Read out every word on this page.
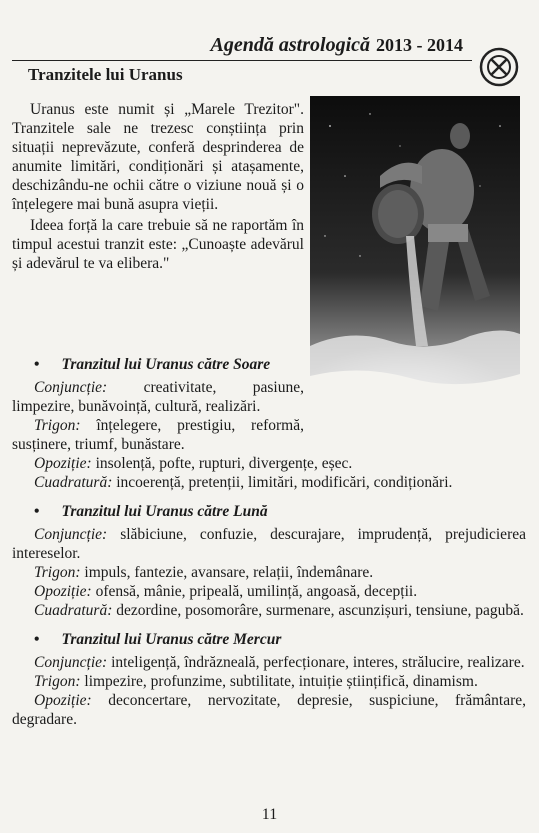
Agendă astrologică 2013 - 2014
Tranzitele lui Uranus

Uranus este numit și „Marele Trezitor". Tranzitele sale ne trezesc conștiința prin situații neprevăzute, conferă desprinderea de anumite limitări, condiționări și atașamente, deschizându-ne ochii către o viziune nouă și o înțelegere mai bună asupra vieții.

Ideea forță la care trebuie să ne raportăm în timpul acestui tranzit este: „Cunoaște adevărul și adevărul te va elibera."

• Tranzitul lui Uranus către Soare

Conjuncție: creativitate, pasiune, limpezire, bunăvoință, cultură, realizări.

Trigon: înțelegere, prestigiu, reformă, susținere, triumf, bunăstare.

Opoziție: insolență, pofte, rupturi, divergențe, eșec.

Cuadratură: incoerență, pretenții, limitări, modificări, condiționări.

• Tranzitul lui Uranus către Lună

Conjuncție: slăbiciune, confuzie, descurajare, imprudență, prejudicierea intereselor.

Trigon: impuls, fantezie, avansare, relații, îndemânare.

Opoziție: ofensă, mânie, pripeală, umilință, angoasă, decepții.

Cuadratură: dezordine, posomorâre, surmenare, ascunzișuri, tensiune, pagubă.

• Tranzitul lui Uranus către Mercur

Conjuncție: inteligență, îndrăzneală, perfecționare, interes, strălucire, realizare.

Trigon: limpezire, profunzime, subtilitate, intuiție științifică, dinamism.

Opoziție: deconcertare, nervozitate, depresie, suspiciune, frământare, degradare.

11
